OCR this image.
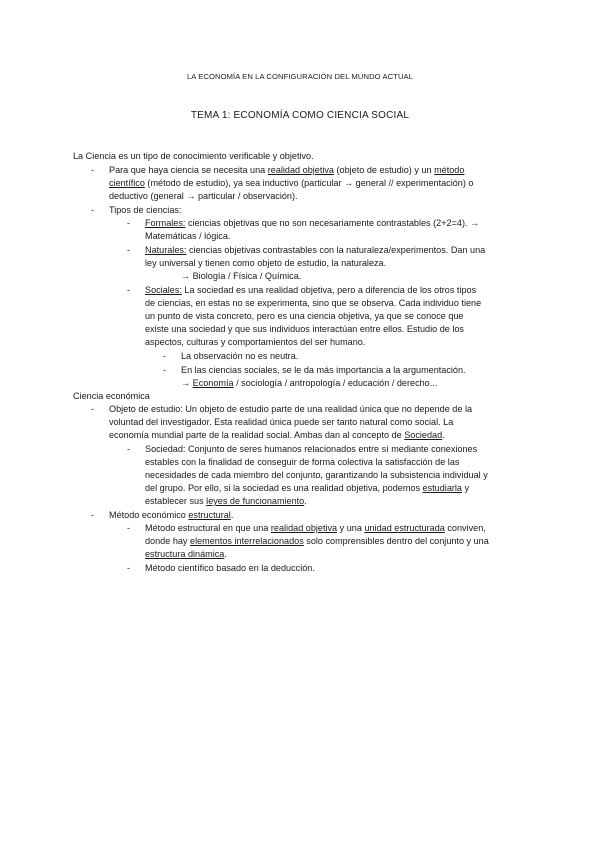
LA ECONOMÍA EN LA CONFIGURACIÓN DEL MUNDO ACTUAL
TEMA 1: ECONOMÍA COMO CIENCIA SOCIAL
La Ciencia es un tipo de conocimiento verificable y objetivo.
- Para que haya ciencia se necesita una realidad objetiva (objeto de estudio) y un método
científico (método de estudio), ya sea inductivo (particular → general // experimentación) o
deductivo (general → particular / observación).
- Tipos de ciencias:
- Formales: ciencias objetivas que no son necesariamente contrastables (2+2=4). →
Matemáticas / lógica.
- Naturales: ciencias objetivas contrastables con la naturaleza/experimentos. Dan una
ley universal y tienen como objeto de estudio, la naturaleza.
→ Biología / Física / Química.
- Sociales: La sociedad es una realidad objetiva, pero a diferencia de los otros tipos
de ciencias, en estas no se experimenta, sino que se observa. Cada individuo tiene
un punto de vista concreto, pero es una ciencia objetiva, ya que se conoce que
existe una sociedad y que sus individuos interactúan entre ellos. Estudio de los
aspectos, culturas y comportamientos del ser humano.
- La observación no es neutra.
- En las ciencias sociales, se le da más importancia a la argumentación.
→ Economía / sociología / antropología / educación / derecho...
Ciencia económica
- Objeto de estudio: Un objeto de estudio parte de una realidad única que no depende de la
voluntad del investigador. Esta realidad única puede ser tanto natural como social. La
economía mundial parte de la realidad social. Ambas dan al concepto de Sociedad.
- Sociedad: Conjunto de seres humanos relacionados entre sí mediante conexiones
estables con la finalidad de conseguir de forma colectiva la satisfacción de las
necesidades de cada miembro del conjunto, garantizando la subsistencia individual y
del grupo. Por ello, si la sociedad es una realidad objetiva, podemos estudiarla y
establecer sus leyes de funcionamiento.
- Método económico estructural.
- Método estructural en que una realidad objetiva y una unidad estructurada conviven,
donde hay elementos interrelacionados solo comprensibles dentro del conjunto y una
estructura dinámica.
- Método científico basado en la deducción.
